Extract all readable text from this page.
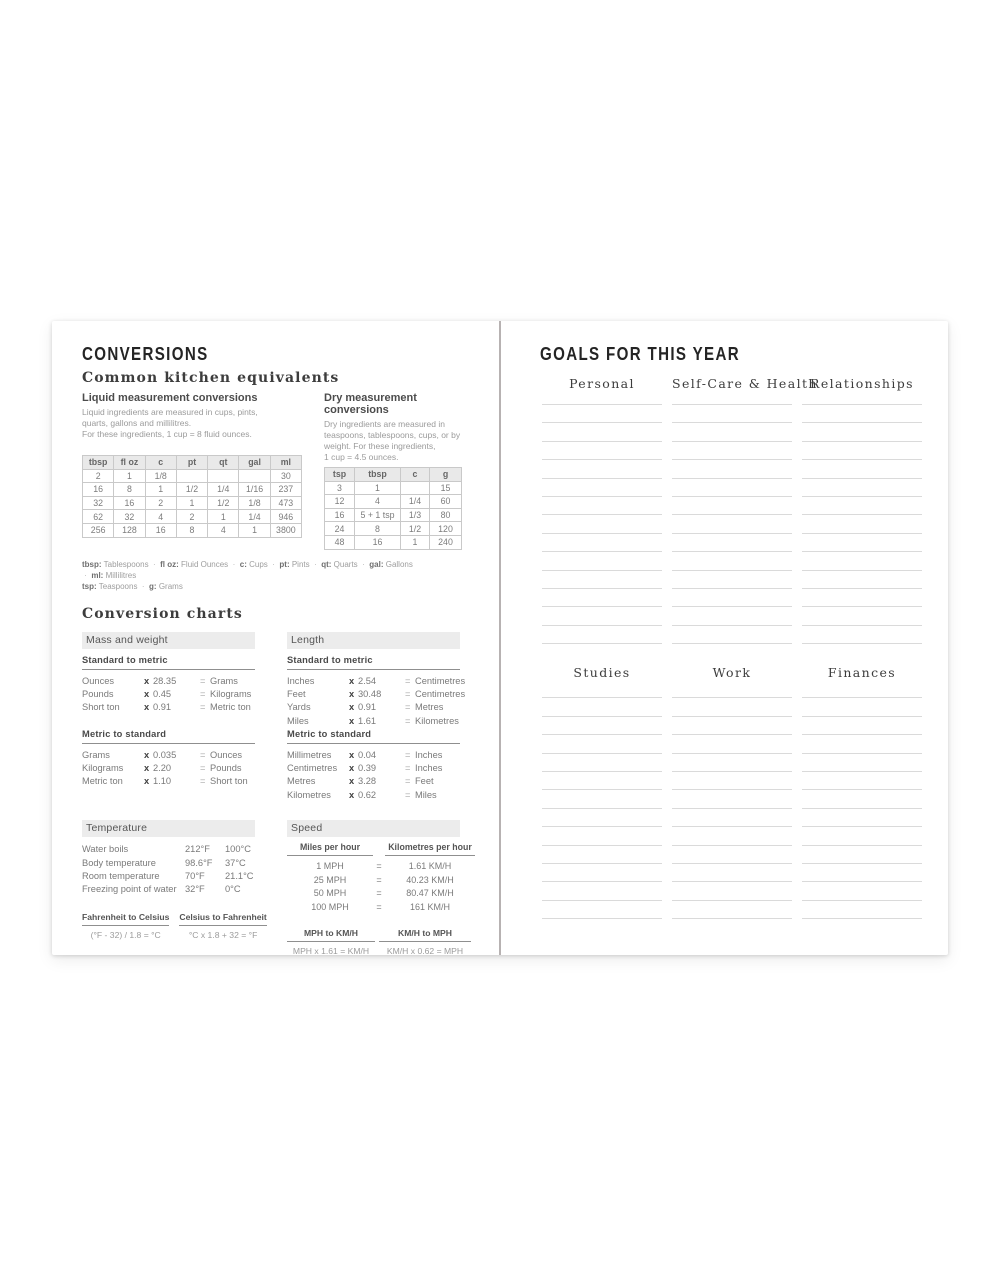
CONVERSIONS
Common kitchen equivalents
Liquid measurement conversions

Liquid ingredients are measured in cups, pints,

quarts, gallons and millilitres.

For these ingredients, 1 cup = 8 fluid ounces.

tbsp	fl oz	c	pt	qt	gal	ml
2	1	1/8				30
16	8	1	1/2	1/4	1/16	237
32	16	2	1	1/2	1/8	473
62	32	4	2	1	1/4	946
256	128	16	8	4	1	3800
Dry measurement conversions

Dry ingredients are measured in

teaspoons, tablespoons, cups, or by

weight. For these ingredients,

1 cup = 4.5 ounces.

tsp	tbsp	c	g
3	1		15
12	4	1/4	60
16	5 + 1 tsp	1/3	80
24	8	1/2	120
48	16	1	240

tbsp: Tablespoons ·  fl oz: Fluid Ounces ·  c: Cups ·  pt: Pints ·  qt: Quarts ·  gal: Gallons  ·  ml: Millilitres
tsp: Teaspoons ·  g: Grams

Conversion charts
Mass and weight
Standard to metric
Ounces	x 28.35	= Grams
Pounds	x 0.45	= Kilograms
Short ton	x 0.91	= Metric ton
Metric to standard
Grams	x 0.035	= Ounces
Kilograms	x 2.20	= Pounds
Metric ton	x 1.10	= Short ton
Length
Standard to metric
Inches	x 2.54	= Centimetres
Feet	x 30.48	= Centimetres
Yards	x 0.91	= Metres
Miles	x 1.61	= Kilometres
Metric to standard
Millimetres	x 0.04	= Inches
Centimetres	x 0.39	= Inches
Metres	x 3.28	= Feet
Kilometres	x 0.62	= Miles
Temperature
Water boils	212°F	100°C
Body temperature	98.6°F	37°C
Room temperature	70°F	21.1°C
Freezing point of water 32°F	0°C
Fahrenheit to Celsius
(°F - 32) / 1.8 = °C
Celsius to Fahrenheit
°C x 1.8 + 32 = °F
Speed
Miles per hour	Kilometres per hour
1 MPH	=	1.61 KM/H
25 MPH	=	40.23 KM/H
50 MPH	=	80.47 KM/H
100 MPH	=	161 KM/H
MPH to KM/H
MPH x 1.61 = KM/H
KM/H to MPH
KM/H x 0.62 = MPH
GOALS FOR THIS YEAR
Personal	Self-Care & Health
Relationships
Studies	Work	Finances
